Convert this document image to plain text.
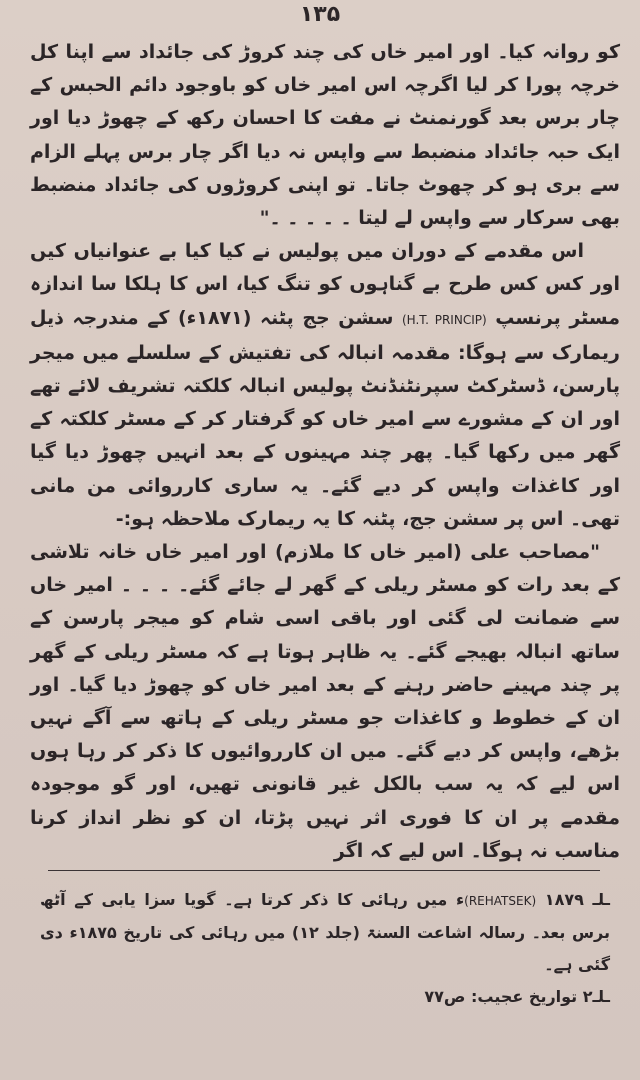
۱۳۵

کو روانہ کیا۔ اور امیر خاں کی چند کروڑ کی جائداد سے اپنا کل خرچہ پورا کر لیا اگرچہ اس امیر خاں کو باوجود دائم الحبس کے چار برس بعد گورنمنٹ نے مفت کا احسان رکھ کے چھوڑ دیا اور ایک حبہ جائداد منضبط سے واپس نہ دیا اگر چار برس پہلے الزام سے بری ہو کر چھوٹ جاتا۔ تو اپنی کروڑوں کی جائداد منضبط بھی سرکار سے واپس لے لیتا ۔ ۔ ۔ ۔ ۔"

اس مقدمے کے دوران میں پولیس نے کیا کیا بے عنوانیاں کیں اور کس کس طرح بے گناہوں کو تنگ کیا، اس کا ہلکا سا اندازہ مسٹر پرنسپ (H.T. PRINCIP) سشن جج پٹنہ (۱۸۷۱ء) کے مندرجہ ذیل ریمارک سے ہوگا: مقدمہ انبالہ کی تفتیش کے سلسلے میں میجر پارسن، ڈسٹرکٹ سپرنٹنڈنٹ پولیس انبالہ کلکتہ تشریف لائے تھے اور ان کے مشورے سے امیر خاں کو گرفتار کر کے مسٹر کلکتہ کے گھر میں رکھا گیا۔ پھر چند مہینوں کے بعد انہیں چھوڑ دیا گیا اور کاغذات واپس کر دیے گئے۔ یہ ساری کارروائی من مانی تھی۔ اس پر سشن جج، پٹنہ کا یہ ریمارک ملاحظہ ہو:-

"مصاحب علی (امیر خاں کا ملازم) اور امیر خاں خانہ تلاشی کے بعد رات کو مسٹر ریلی کے گھر لے جائے گئے۔ ۔ ۔ ۔ امیر خاں سے ضمانت لی گئی اور باقی اسی شام کو میجر پارسن کے ساتھ انبالہ بھیجے گئے۔ یہ ظاہر ہوتا ہے کہ مسٹر ریلی کے گھر پر چند مہینے حاضر رہنے کے بعد امیر خاں کو چھوڑ دیا گیا۔ اور ان کے خطوط و کاغذات جو مسٹر ریلی کے ہاتھ سے آگے نہیں بڑھے، واپس کر دیے گئے۔ میں ان کارروائیوں کا ذکر کر رہا ہوں اس لیے کہ یہ سب بالکل غیر قانونی تھیں، اور گو موجودہ مقدمے پر ان کا فوری اثر نہیں پڑتا، ان کو نظر انداز کرنا مناسب نہ ہوگا۔ اس لیے کہ اگر

ـلـ (REHATSEK) ۱۸۷۹ء میں رہائی کا ذکر کرتا ہے۔ گویا سزا یابی کے آٹھ برس بعد۔ رسالہ اشاعت السنۃ (جلد ۱۲) میں رہائی کی تاریخ ۱۸۷۵ء دی گئی ہے۔

ـلـ۲ تواریخ عجیب: ص۷۷
